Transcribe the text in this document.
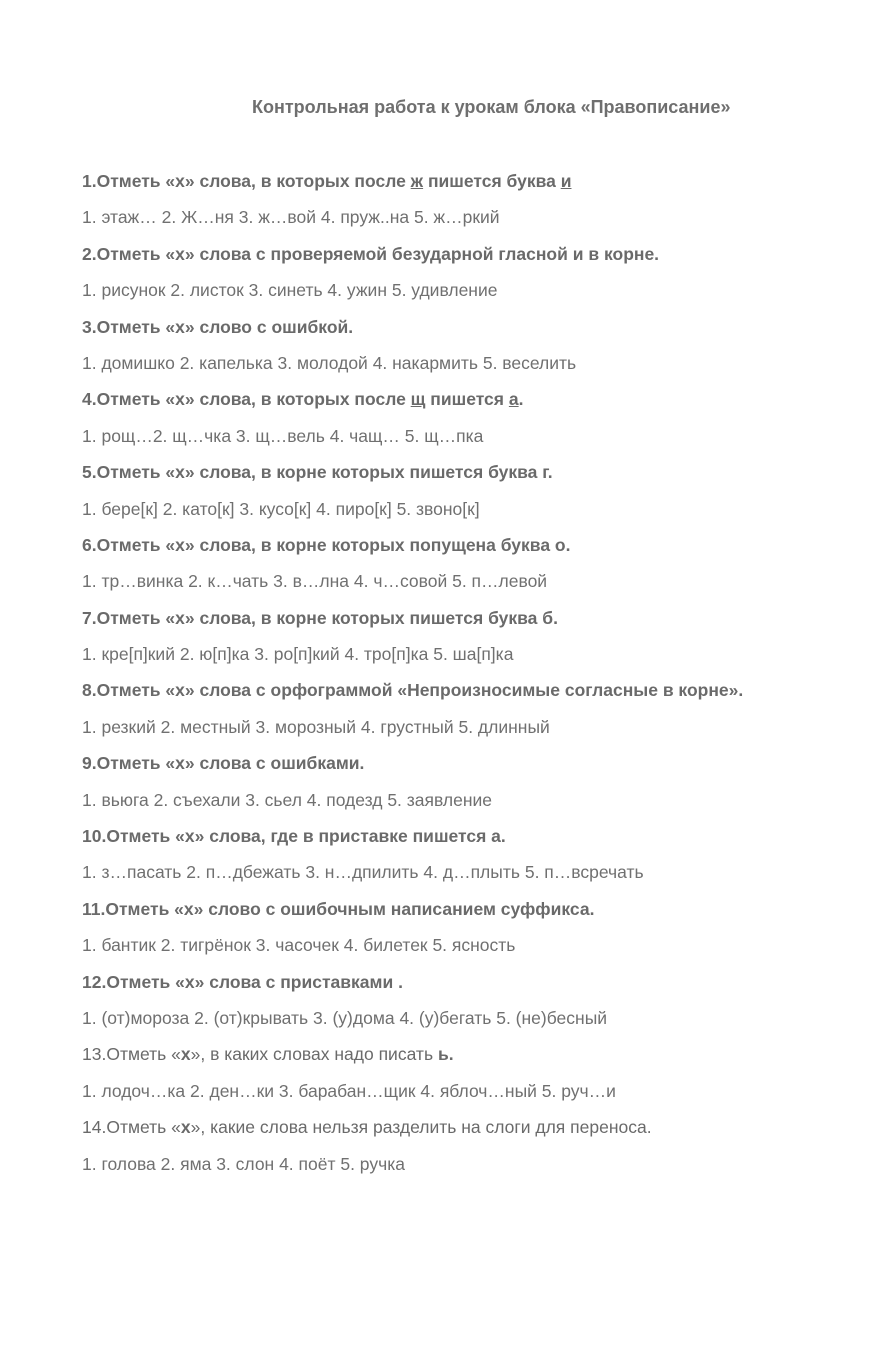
Контрольная работа к урокам блока «Правописание»
1.Отметь «х» слова, в которых после ж пишется буква и
1. этаж… 2. Ж…ня 3. ж…вой 4. пруж..на 5. ж…ркий
2.Отметь «х» слова с проверяемой безударной гласной и в корне.
1. рисунок 2. листок 3. синеть 4. ужин 5. удивление
3.Отметь «х» слово с ошибкой.
1. домишко 2. капелька 3. молодой 4. накармить 5. веселить
4.Отметь «х» слова, в которых после щ пишется а.
1. рощ…2. щ…чка 3. щ…вель 4. чащ… 5. щ…пка
5.Отметь «х» слова, в корне которых пишется буква г.
1. бере[к] 2. като[к] 3. кусо[к] 4. пиро[к] 5. звоно[к]
6.Отметь «х» слова, в корне которых попущена буква о.
1. тр…винка 2. к…чать 3. в…лна 4. ч…совой 5. п…левой
7.Отметь «х» слова, в корне которых пишется буква б.
1. кре[п]кий 2. ю[п]ка 3. ро[п]кий 4. тро[п]ка 5. ша[п]ка
8.Отметь «х» слова с орфограммой «Непроизносимые согласные в корне».
1. резкий 2. местный 3. морозный 4. грустный 5. длинный
9.Отметь «х» слова с ошибками.
1. вьюга 2. съехали 3. сьел 4. подезд 5. заявление
10.Отметь «х» слова, где в приставке пишется а.
1. з…пасать 2. п…дбежать 3. н…дпилить 4. д…плыть 5. п…всречать
11.Отметь «х» слово с ошибочным написанием суффикса.
1. бантик 2. тигрёнок 3. часочек 4. билетек 5. ясность
12.Отметь «х» слова с приставками .
1. (от)мороза 2. (от)крывать 3. (у)дома 4. (у)бегать 5. (не)бесный
13.Отметь «х», в каких словах надо писать ь.
1. лодоч…ка 2. ден…ки 3. барабан…щик 4. яблоч…ный 5. руч…и
14.Отметь «х», какие слова нельзя разделить на слоги для переноса.
1. голова 2. яма 3. слон 4. поёт 5. ручка
